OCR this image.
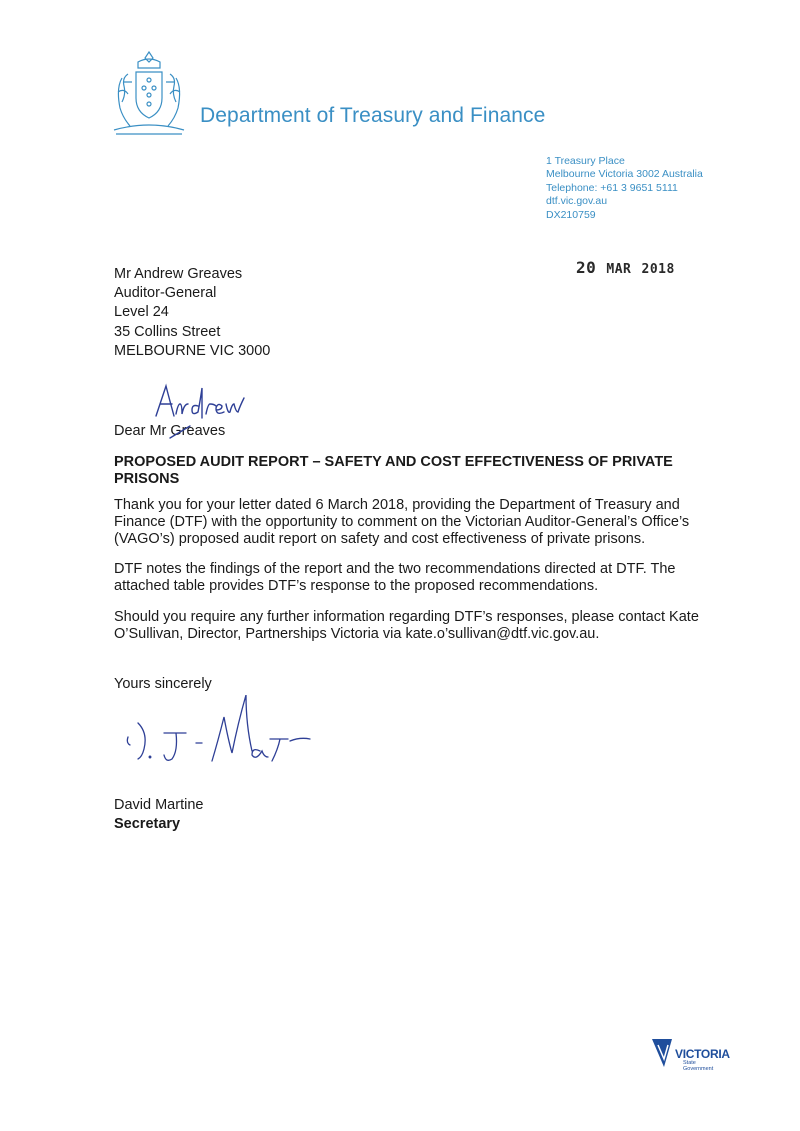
Department of Treasury and Finance
1 Treasury Place
Melbourne Victoria 3002 Australia
Telephone: +61 3 9651 5111
dtf.vic.gov.au
DX210759
20 MAR 2018
Mr Andrew Greaves
Auditor-General
Level 24
35 Collins Street
MELBOURNE VIC 3000
Dear Mr Greaves
PROPOSED AUDIT REPORT – SAFETY AND COST EFFECTIVENESS OF PRIVATE PRISONS
Thank you for your letter dated 6 March 2018, providing the Department of Treasury and Finance (DTF) with the opportunity to comment on the Victorian Auditor-General’s Office’s (VAGO’s) proposed audit report on safety and cost effectiveness of private prisons.
DTF notes the findings of the report and the two recommendations directed at DTF. The attached table provides DTF’s response to the proposed recommendations.
Should you require any further information regarding DTF’s responses, please contact Kate O’Sullivan, Director, Partnerships Victoria via kate.o’sullivan@dtf.vic.gov.au.
Yours sincerely
David Martine
Secretary
VICTORIA
State
Government
